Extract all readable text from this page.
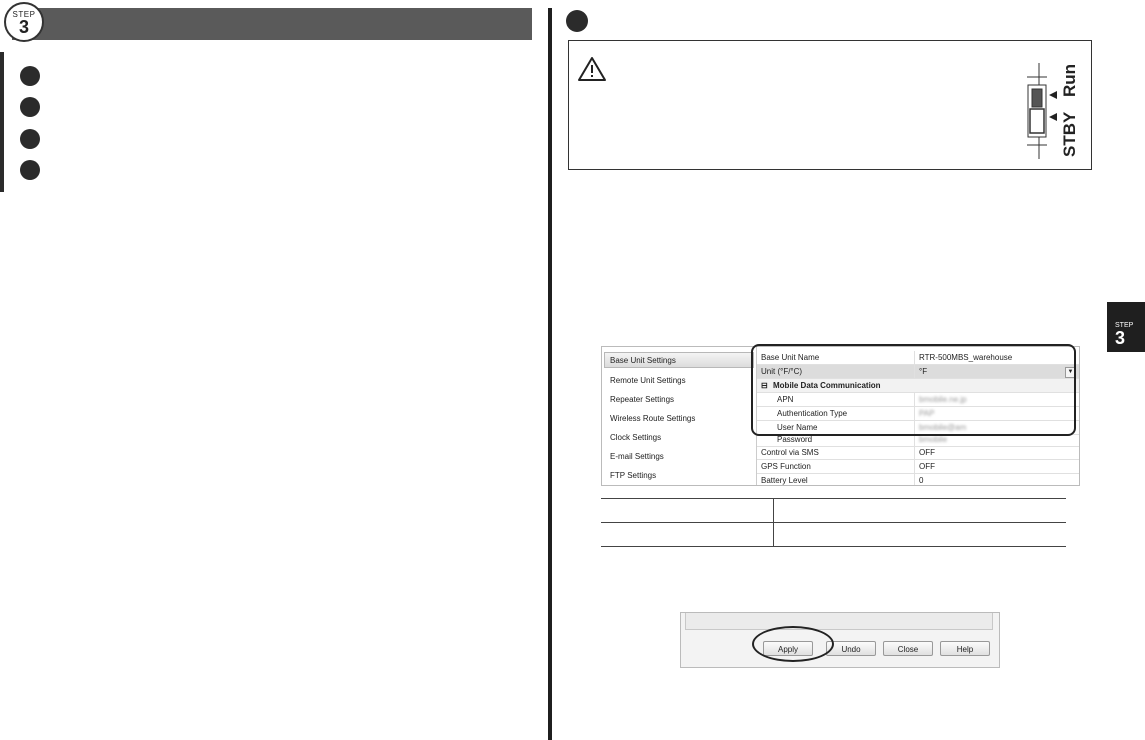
STEP
3
STBY
Run
Base Unit Settings
Remote Unit Settings
Repeater Settings
Wireless Route Settings
Clock Settings
E-mail Settings
FTP Settings
Base Unit Name	RTR-500MBS_warehouse
Unit (°F/°C)	°F	▼
⊟ Mobile Data Communication
APN	bmobile.ne.jp
Authentication Type	PAP
User Name	bmobile@am
Password	bmobile
Control via SMS	OFF
GPS Function	OFF
Battery Level	0
Apply	Undo	Close	Help
STEP
3
